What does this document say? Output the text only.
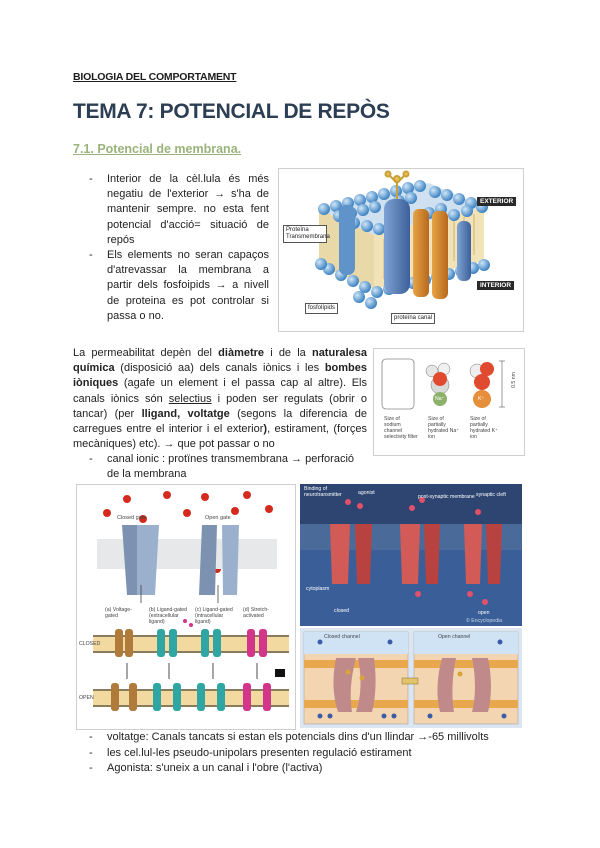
BIOLOGIA DEL COMPORTAMENT
TEMA 7: POTENCIAL DE REPÒS
7.1. Potencial de membrana.
- Interior de la cèl.lula és més negatiu de l'exterior → s'ha de mantenir sempre. no esta fent potencial d'acció= situació de repós

- Els elements no seran capaços d'atrevassar la membrana a partir dels fosfoipids → a nivell de proteina es pot controlar si passa o no.

EXTERIOR
INTERIOR
Proteïna Transmembrana
fosfolípids
proteïna canal
La permeabilitat depèn del diàmetre i de la naturalesa química (disposició aa) dels canals iònics i les bombes iòniques (agafe un element i el passa cap al altre). Els canals iònics són selectius i poden ser regulats (obrir o tancar) (per lligand, voltatge (segons la diferencia de carregues entre el interior i el exterior), estirament, (forçes mecàniques) etc). → que pot passar o no
Size of sodium channel selectivity filter
Size of partially hydrated Na⁺ ion
Size of partially hydrated K⁺ ion
0.5 nm
Na⁺	K⁺
- canal ionic : protïnes transmembrana → perforació de la membrana

Closed gate	Open gate
CLOSED
OPEN
(a) Voltage-gated
(b) Ligand-gated (extracellular ligand)
(c) Ligand-gated (intracellular ligand)
(d) Stretch- activated
Binding of neurotransmitter	synaptic cleft
post-synaptic membrane
agonist
cytoplasm
closed	open
© Encyclopedia
Closed channel	Open channel
- voltatge: Canals tancats si estan els potencials dins d'un llindar →-65 millivolts

- les cel.lul-les pseudo-unipolars presenten regulació estirament

- Agonista: s'uneix a un canal i l'obre (l'activa)
